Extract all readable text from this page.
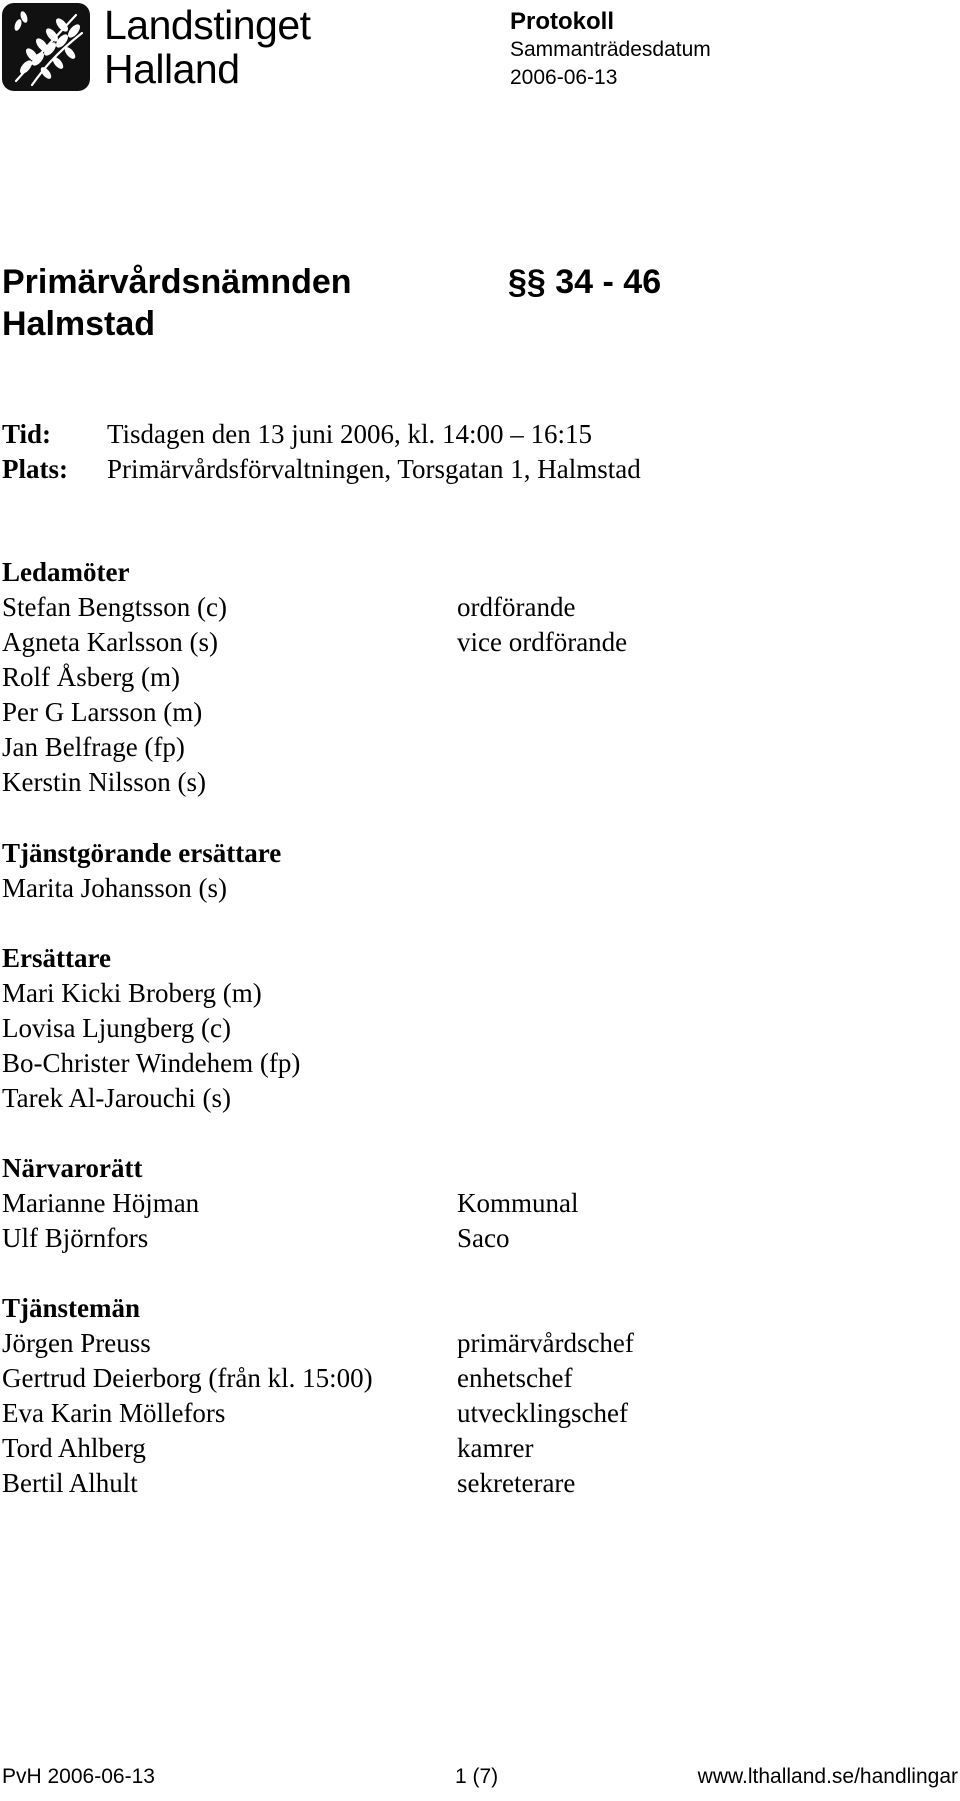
Landstinget
Halland
Protokoll
Sammanträdesdatum
2006-06-13
Primärvårdsnämnden	§§ 34 - 46
Halmstad
Tid: Tisdagen den 13 juni 2006, kl. 14:00 – 16:15
Plats: Primärvårdsförvaltningen, Torsgatan 1, Halmstad
Ledamöter
Stefan Bengtsson (c)	ordförande
Agneta Karlsson (s)	vice ordförande
Rolf Åsberg (m)
Per G Larsson (m)
Jan Belfrage (fp)
Kerstin Nilsson (s)
Tjänstgörande ersättare
Marita Johansson (s)
Ersättare
Mari Kicki Broberg (m)
Lovisa Ljungberg (c)
Bo-Christer Windehem (fp)
Tarek Al-Jarouchi (s)
Närvarorätt
Marianne Höjman	Kommunal
Ulf Björnfors	Saco
Tjänstemän
Jörgen Preuss	primärvårdschef
Gertrud Deierborg (från kl. 15:00)	enhetschef
Eva Karin Möllefors	utvecklingschef
Tord Ahlberg	kamrer
Bertil Alhult	sekreterare
PvH 2006-06-13	1 (7)	www.lthalland.se/handlingar
